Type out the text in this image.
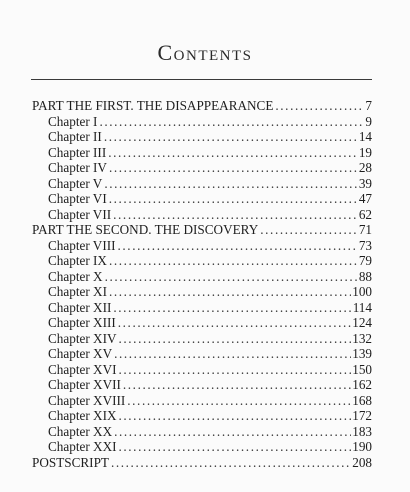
Contents
PART THE FIRST. THE DISAPPEARANCE .....	7
Chapter I .....	9
Chapter II .....	14
Chapter III .....	19
Chapter IV .....	28
Chapter V .....	39
Chapter VI .....	47
Chapter VII .....	62
PART THE SECOND. THE DISCOVERY .....	71
Chapter VIII .....	73
Chapter IX .....	79
Chapter X .....	88
Chapter XI .....	100
Chapter XII .....	114
Chapter XIII .....	124
Chapter XIV .....	132
Chapter XV .....	139
Chapter XVI .....	150
Chapter XVII .....	162
Chapter XVIII .....	168
Chapter XIX .....	172
Chapter XX .....	183
Chapter XXI .....	190
POSTSCRIPT .....	208
